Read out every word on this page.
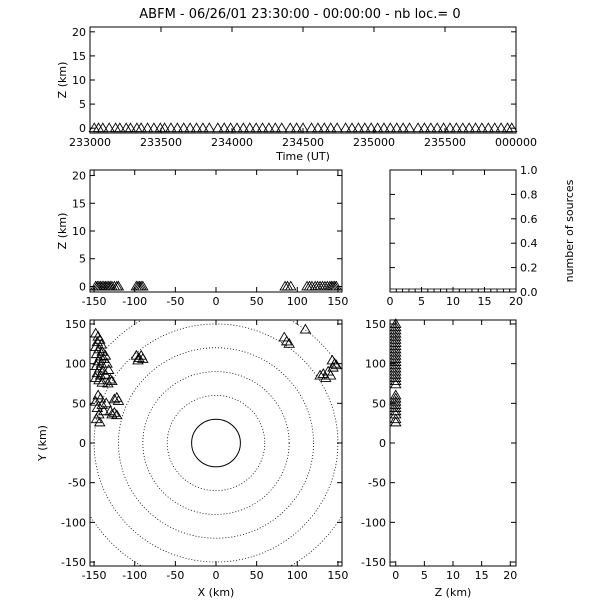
ABFM - 06/26/01 23:30:00 - 00:00:00 - nb loc.= 0
233000	233500	234000	234500	235000	235500	000000
0
5
10
15
20
Time (UT)
Z (km)
-150 -100 -50	0	50 100 150
0
5
10
15
20
Z (km)
0 5 10 15 20
0.0
0.2
0.4
0.6
0.8
1.0
number of sources
-150 -100 -50	0	50 100 150
-150
-100
-50
0
50
100
150
X (km)
Y (km)
0 5 10 15 20
-150
-100
-50
0
50
100
150
Z (km)
